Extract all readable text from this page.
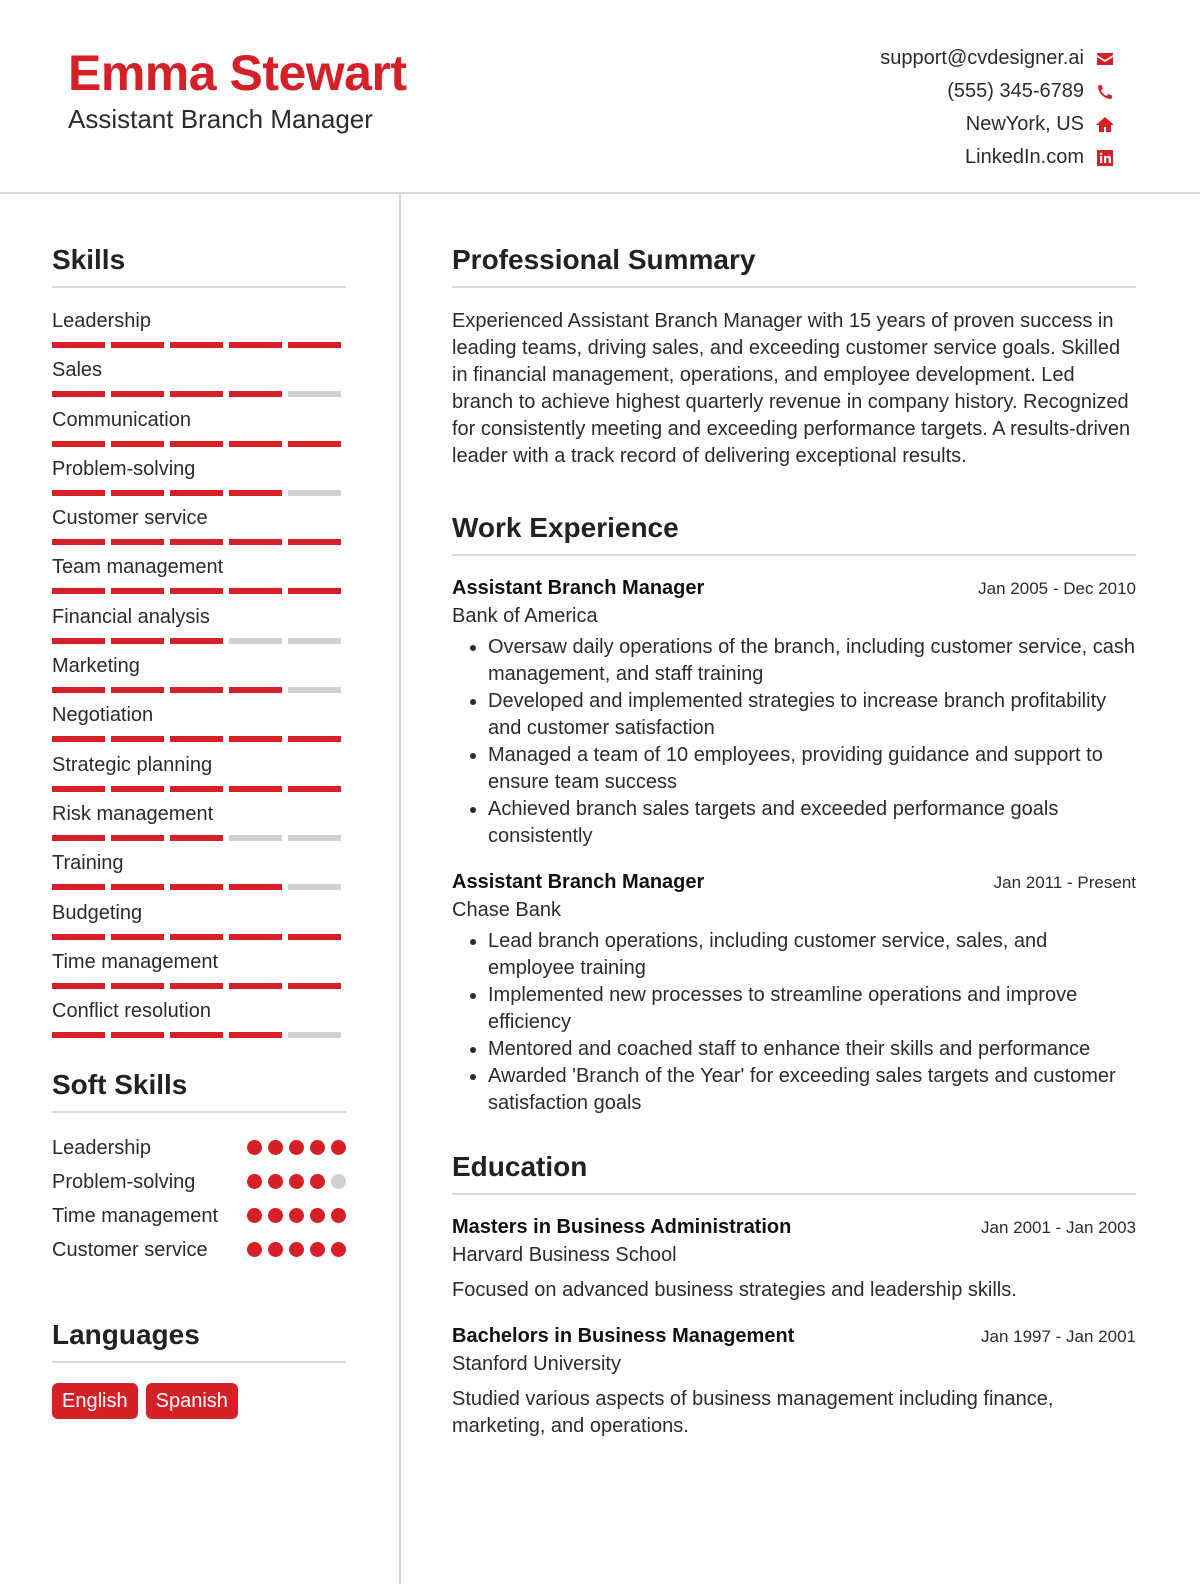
Emma Stewart
Assistant Branch Manager
support@cvdesigner.ai
(555) 345-6789
NewYork, US
LinkedIn.com
Skills
Leadership
Sales
Communication
Problem-solving
Customer service
Team management
Financial analysis
Marketing
Negotiation
Strategic planning
Risk management
Training
Budgeting
Time management
Conflict resolution
Soft Skills
Leadership
Problem-solving
Time management
Customer service
Languages
English	Spanish
Professional Summary
Experienced Assistant Branch Manager with 15 years of proven success in leading teams, driving sales, and exceeding customer service goals. Skilled in financial management, operations, and employee development. Led branch to achieve highest quarterly revenue in company history. Recognized for consistently meeting and exceeding performance targets. A results-driven leader with a track record of delivering exceptional results.
Work Experience
Assistant Branch Manager	Jan 2005 - Dec 2010
Bank of America
• Oversaw daily operations of the branch, including customer service, cash management, and staff training
• Developed and implemented strategies to increase branch profitability and customer satisfaction
• Managed a team of 10 employees, providing guidance and support to ensure team success
• Achieved branch sales targets and exceeded performance goals consistently
Assistant Branch Manager	Jan 2011 - Present
Chase Bank
• Lead branch operations, including customer service, sales, and employee training
• Implemented new processes to streamline operations and improve efficiency
• Mentored and coached staff to enhance their skills and performance
• Awarded 'Branch of the Year' for exceeding sales targets and customer satisfaction goals
Education
Masters in Business Administration	Jan 2001 - Jan 2003
Harvard Business School
Focused on advanced business strategies and leadership skills.
Bachelors in Business Management	Jan 1997 - Jan 2001
Stanford University
Studied various aspects of business management including finance, marketing, and operations.
